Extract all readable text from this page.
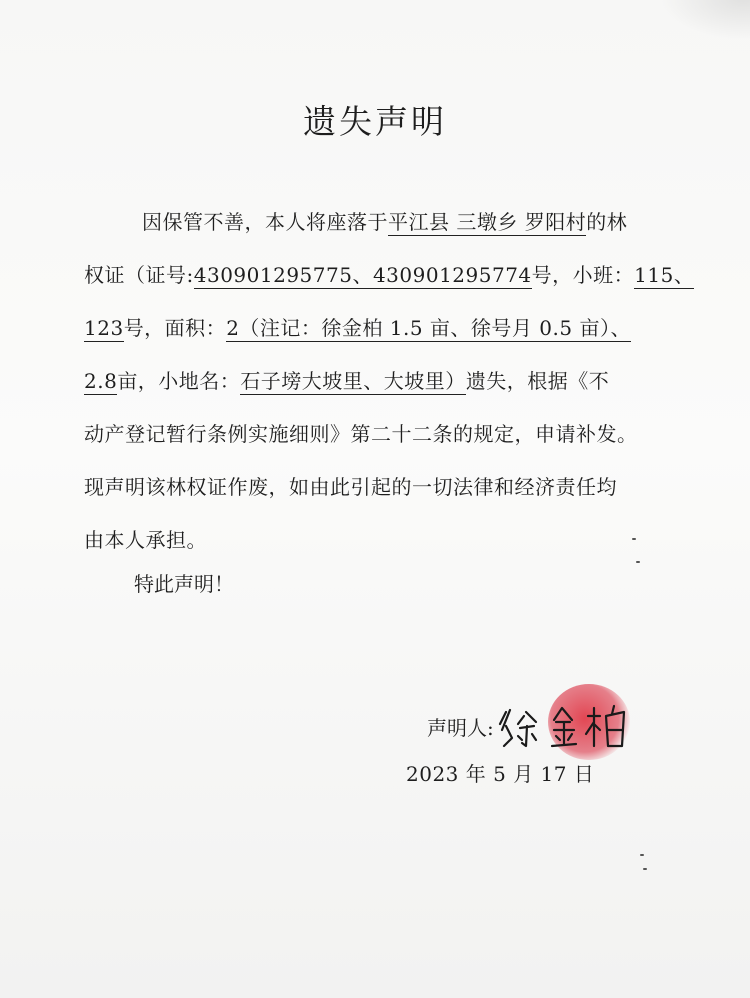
遗失声明
因保管不善，本人将座落于平江县 三墩乡 罗阳村的林
权证（证号:430901295775、430901295774号，小班：115、
123号，面积：2（注记：徐金柏 1.5 亩、徐号月 0.5 亩）、
2.8亩，小地名：石子塝大坡里、大坡里）遗失，根据《不
动产登记暂行条例实施细则》第二十二条的规定，申请补发。
现声明该林权证作废，如由此引起的一切法律和经济责任均
由本人承担。
特此声明！
声明人:
2023 年 5 月 17 日
